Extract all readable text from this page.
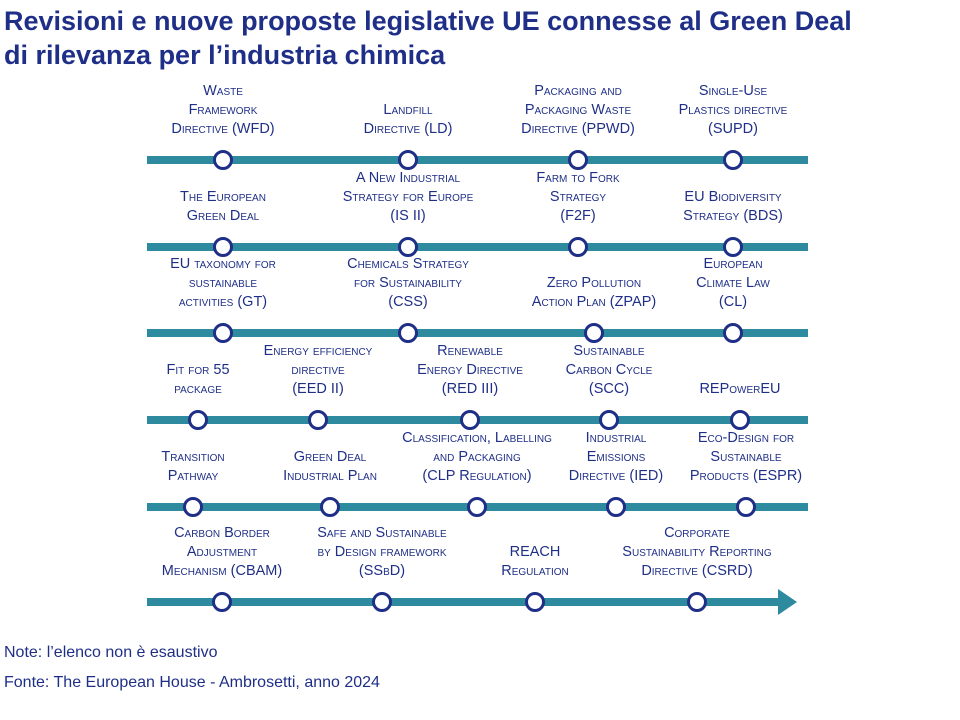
Revisioni e nuove proposte legislative UE connesse al Green Deal
di rilevanza per l’industria chimica
Waste Framework Directive (WFD)
Landfill Directive (LD)
Packaging and Packaging Waste Directive (PPWD)
Single-Use Plastics directive (SUPD)
The European Green Deal
A New Industrial Strategy for Europe (IS II)
Farm to Fork Strategy (F2F)
EU Biodiversity Strategy (BDS)
EU taxonomy for sustainable activities (GT)
Chemicals Strategy for Sustainability (CSS)
Zero Pollution Action Plan (ZPAP)
European Climate Law (CL)
Fit for 55 package
Energy efficiency directive (EED II)
Renewable Energy Directive (RED III)
Sustainable Carbon Cycle (SCC)	REPowerEU
Transition Pathway
Green Deal Industrial Plan
Classification, Labelling and Packaging (CLP Regulation)
Industrial Emissions Directive (IED)
Eco-Design for Sustainable Products (ESPR)
Carbon Border Adjustment Mechanism (CBAM)
Safe and Sustainable by Design framework (SSbD)
REACH Regulation
Corporate Sustainability Reporting Directive (CSRD)
Note: l’elenco non è esaustivo
Fonte: The European House - Ambrosetti, anno 2024
